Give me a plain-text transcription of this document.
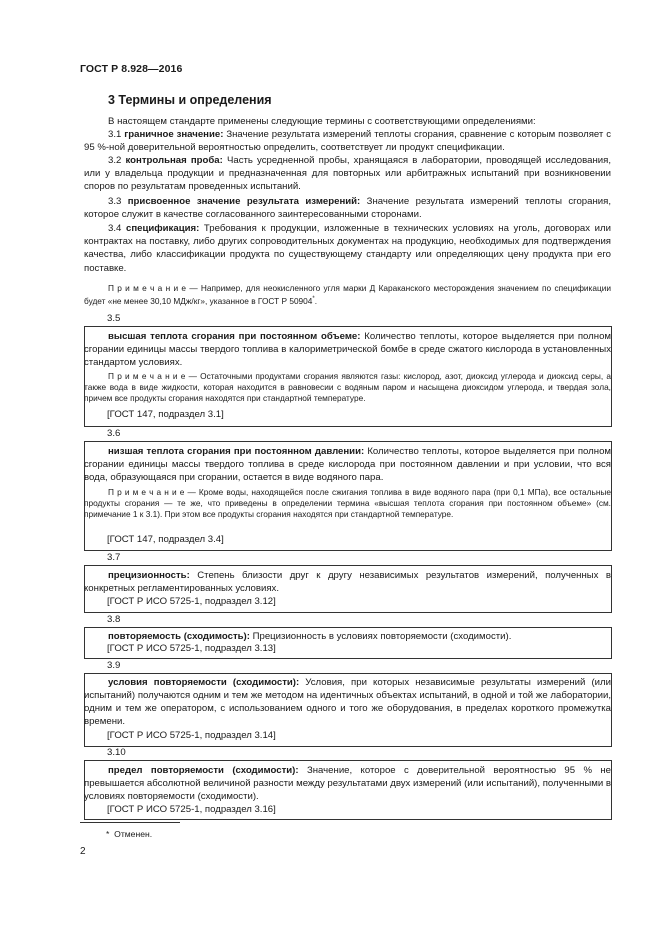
ГОСТ Р 8.928—2016
3 Термины и определения
В настоящем стандарте применены следующие термины с соответствующими определениями:
3.1 граничное значение: Значение результата измерений теплоты сгорания, сравнение с которым позволяет с 95 %-ной доверительной вероятностью определить, соответствует ли продукт спецификации.
3.2 контрольная проба: Часть усредненной пробы, хранящаяся в лаборатории, проводящей исследования, или у владельца продукции и предназначенная для повторных или арбитражных испытаний при возникновении споров по результатам проведенных испытаний.
3.3 присвоенное значение результата измерений: Значение результата измерений теплоты сгорания, которое служит в качестве согласованного заинтересованными сторонами.
3.4 спецификация: Требования к продукции, изложенные в технических условиях на уголь, договорах или контрактах на поставку, либо других сопроводительных документах на продукцию, необходимых для подтверждения качества, либо классификации продукта по существующему стандарту или определяющих цену продукта при его поставке.
П р и м е ч а н и е — Например, для неокисленного угля марки Д Караканского месторождения значением по спецификации будет «не менее 30,10 МДж/кг», указанное в ГОСТ Р 50904*.
3.5
высшая теплота сгорания при постоянном объеме: Количество теплоты, которое выделяется при полном сгорании единицы массы твердого топлива в калориметрической бомбе в среде сжатого кислорода в установленных стандартом условиях.
П р и м е ч а н и е — Остаточными продуктами сгорания являются газы: кислород, азот, диоксид углерода и диоксид серы, а также вода в виде жидкости, которая находится в равновесии с водяным паром и насыщена диоксидом углерода, и твердая зола, причем все продукты сгорания находятся при стандартной температуре.
[ГОСТ 147, подраздел 3.1]
3.6
низшая теплота сгорания при постоянном давлении: Количество теплоты, которое выделяется при полном сгорании единицы массы твердого топлива в среде кислорода при постоянном давлении и при условии, что вся вода, образующаяся при сгорании, остается в виде водяного пара.
П р и м е ч а н и е — Кроме воды, находящейся после сжигания топлива в виде водяного пара (при 0,1 МПа), все остальные продукты сгорания — те же, что приведены в определении термина «высшая теплота сгорания при постоянном объеме» (см. примечание 1 к 3.1). При этом все продукты сгорания находятся при стандартной температуре.
[ГОСТ 147, подраздел 3.4]
3.7
прецизионность: Степень близости друг к другу независимых результатов измерений, полученных в конкретных регламентированных условиях.
[ГОСТ Р ИСО 5725-1, подраздел 3.12]
3.8
повторяемость (сходимость): Прецизионность в условиях повторяемости (сходимости).
[ГОСТ Р ИСО 5725-1, подраздел 3.13]
3.9
условия повторяемости (сходимости): Условия, при которых независимые результаты измерений (или испытаний) получаются одним и тем же методом на идентичных объектах испытаний, в одной и той же лаборатории, одним и тем же оператором, с использованием одного и того же оборудования, в пределах короткого промежутка времени.
[ГОСТ Р ИСО 5725-1, подраздел 3.14]
3.10
предел повторяемости (сходимости): Значение, которое с доверительной вероятностью 95 % не превышается абсолютной величиной разности между результатами двух измерений (или испытаний), полученными в условиях повторяемости (сходимости).
[ГОСТ Р ИСО 5725-1, подраздел 3.16]
* Отменен.
2
